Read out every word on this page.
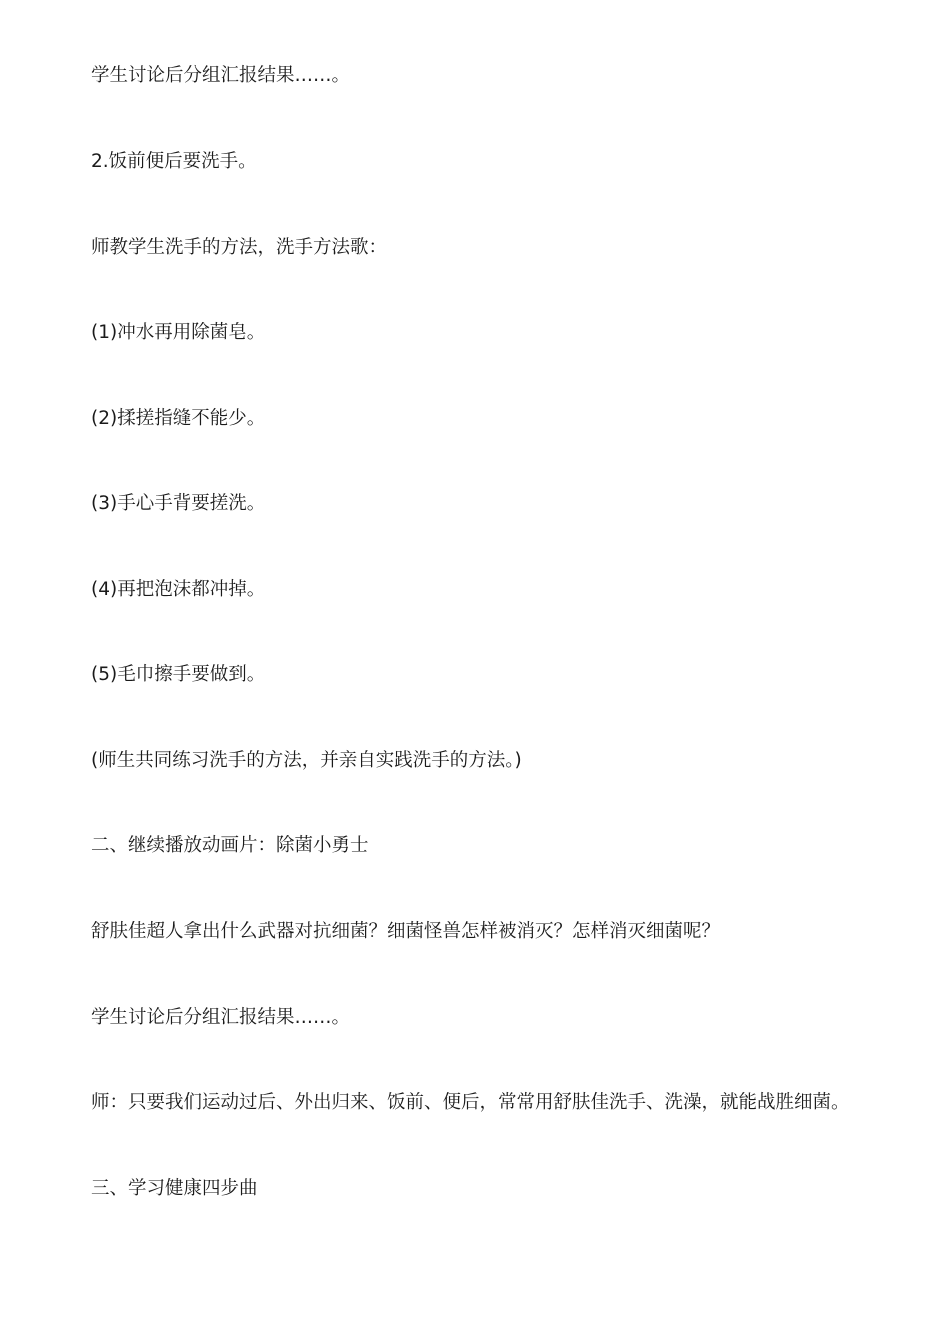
学生讨论后分组汇报结果……。

2.饭前便后要洗手。

师教学生洗手的方法，洗手方法歌：

(1)冲水再用除菌皂。

(2)揉搓指缝不能少。

(3)手心手背要搓洗。

(4)再把泡沫都冲掉。

(5)毛巾擦手要做到。

(师生共同练习洗手的方法，并亲自实践洗手的方法。)

二、继续播放动画片：除菌小勇士

舒肤佳超人拿出什么武器对抗细菌？细菌怪兽怎样被消灭？怎样消灭细菌呢？

学生讨论后分组汇报结果……。

师：只要我们运动过后、外出归来、饭前、便后，常常用舒肤佳洗手、洗澡，就能战胜细菌。

三、学习健康四步曲
